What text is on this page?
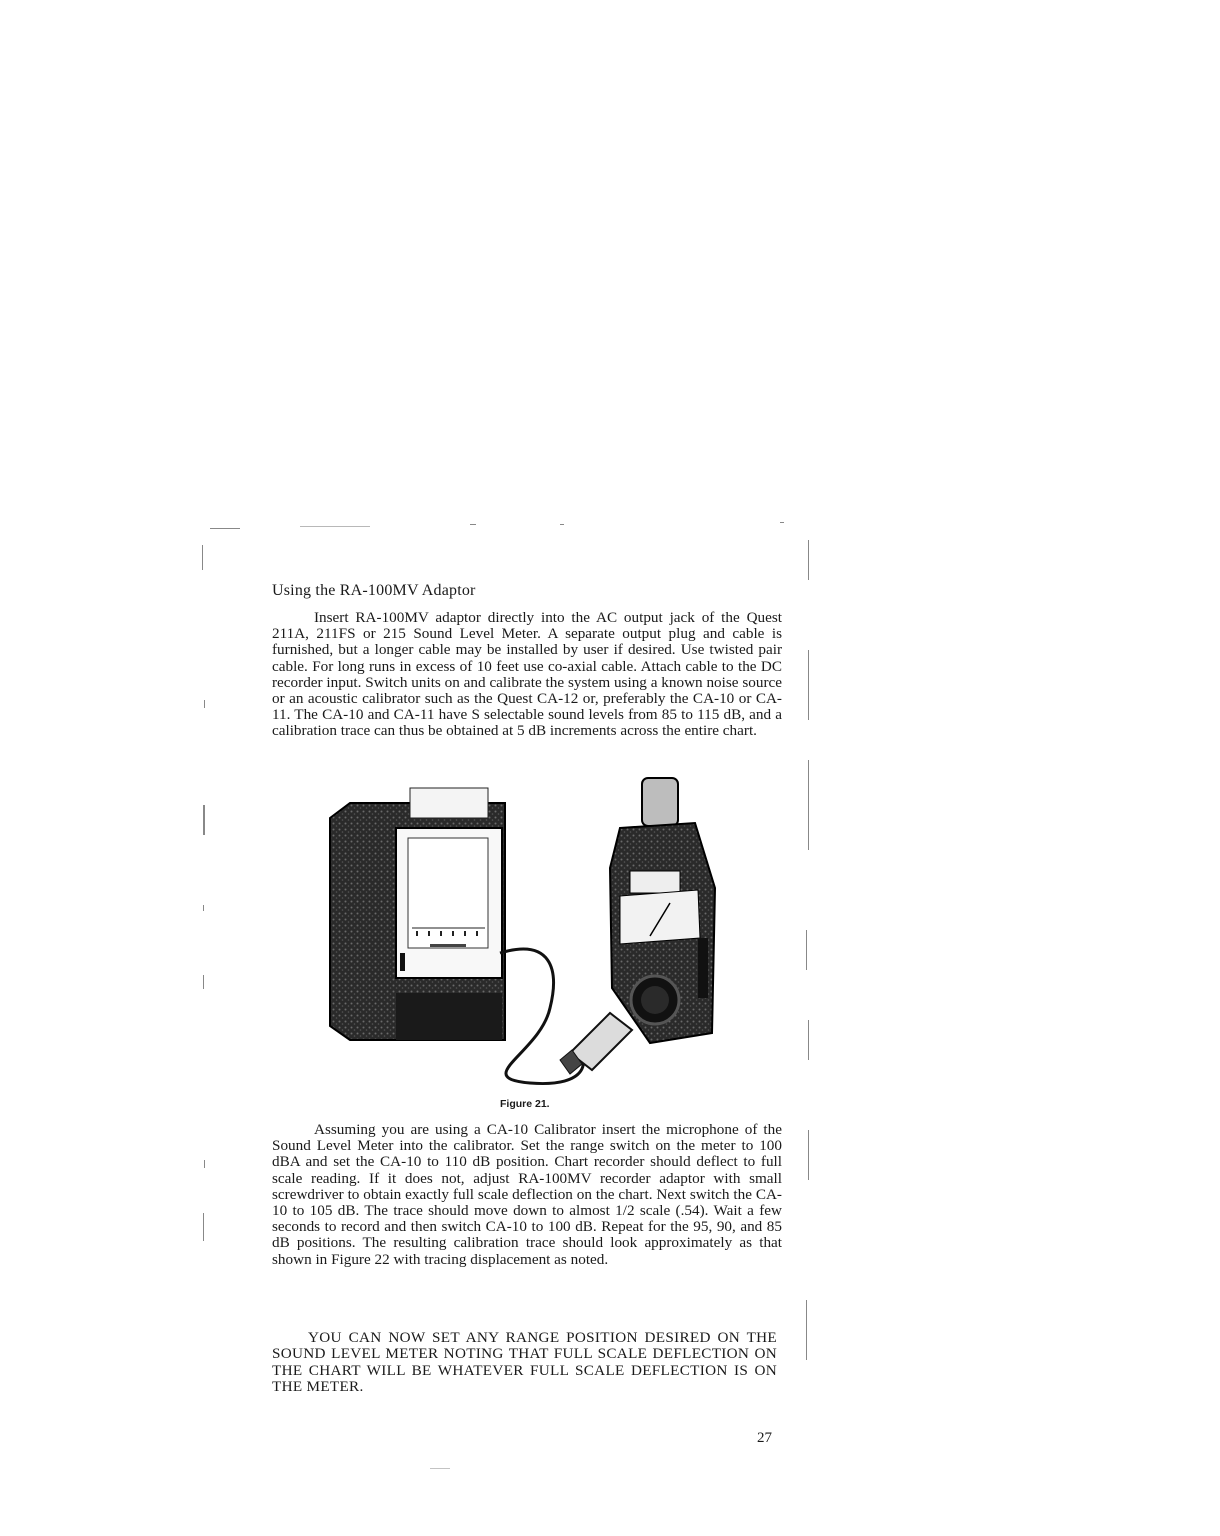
Using the RA-100MV Adaptor

Insert RA-100MV adaptor directly into the AC output jack of the Quest 211A, 211FS or 215 Sound Level Meter. A separate output plug and cable is furnished, but a longer cable may be installed by user if desired. Use twisted pair cable. For long runs in excess of 10 feet use co-axial cable. Attach cable to the DC recorder input. Switch units on and calibrate the system using a known noise source or an acoustic calibrator such as the Quest CA-12 or, preferably the CA-10 or CA-11. The CA-10 and CA-11 have S selectable sound levels from 85 to 115 dB, and a calibration trace can thus be obtained at 5 dB increments across the entire chart.

Figure 21.

Assuming you are using a CA-10 Calibrator insert the microphone of the Sound Level Meter into the calibrator. Set the range switch on the meter to 100 dBA and set the CA-10 to 110 dB position. Chart recorder should deflect to full scale reading. If it does not, adjust RA-100MV recorder adaptor with small screwdriver to obtain exactly full scale deflection on the chart. Next switch the CA-10 to 105 dB. The trace should move down to almost 1/2 scale (.54). Wait a few seconds to record and then switch CA-10 to 100 dB. Repeat for the 95, 90, and 85 dB positions. The resulting calibration trace should look approximately as that shown in Figure 22 with tracing displacement as noted.

YOU CAN NOW SET ANY RANGE POSITION DESIRED ON THE SOUND LEVEL METER NOTING THAT FULL SCALE DEFLECTION ON THE CHART WILL BE WHATEVER FULL SCALE DEFLECTION IS ON THE METER.

27
